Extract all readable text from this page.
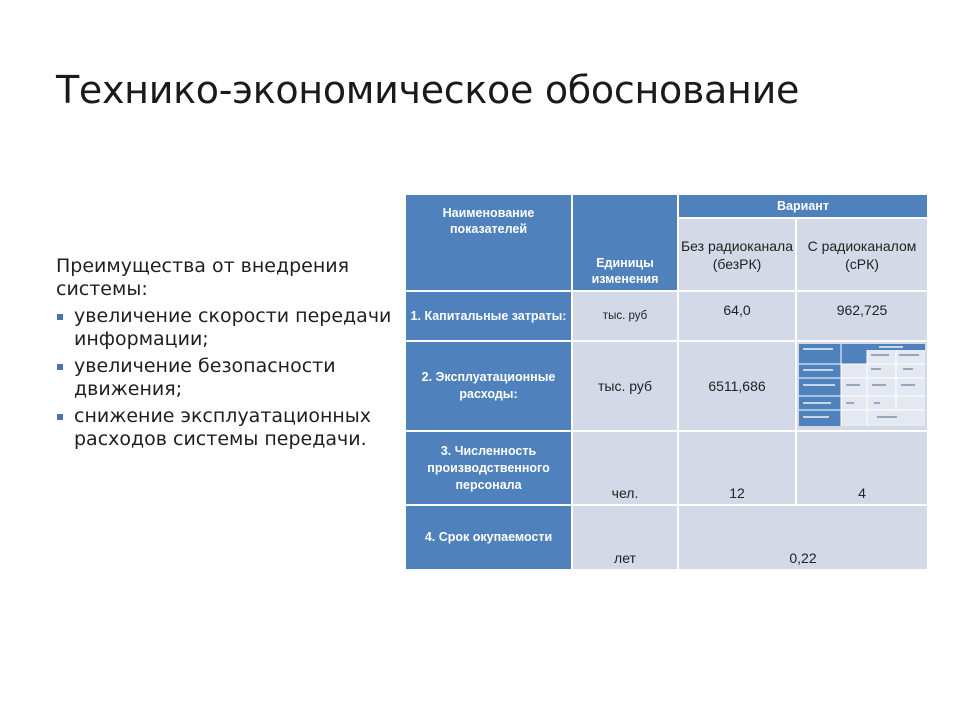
Технико-экономическое обоснование
Преимущества от внедрения системы:
увеличение скорости передачи информации;
увеличение безопасности движения;
снижение эксплуатационных расходов системы передачи.
Наименование показателей	Единицы изменения	Вариант	
		Без радиоканала (безРК)	С радиоканалом (сРК)
1. Капитальные затраты:	тыс. руб	64,0	962,725
2. Эксплуатационные расходы:	тыс. руб	6511,686	
3. Численность производственного персонала	чел.	12	4
4. Срок окупаемости	лет	0,22	
